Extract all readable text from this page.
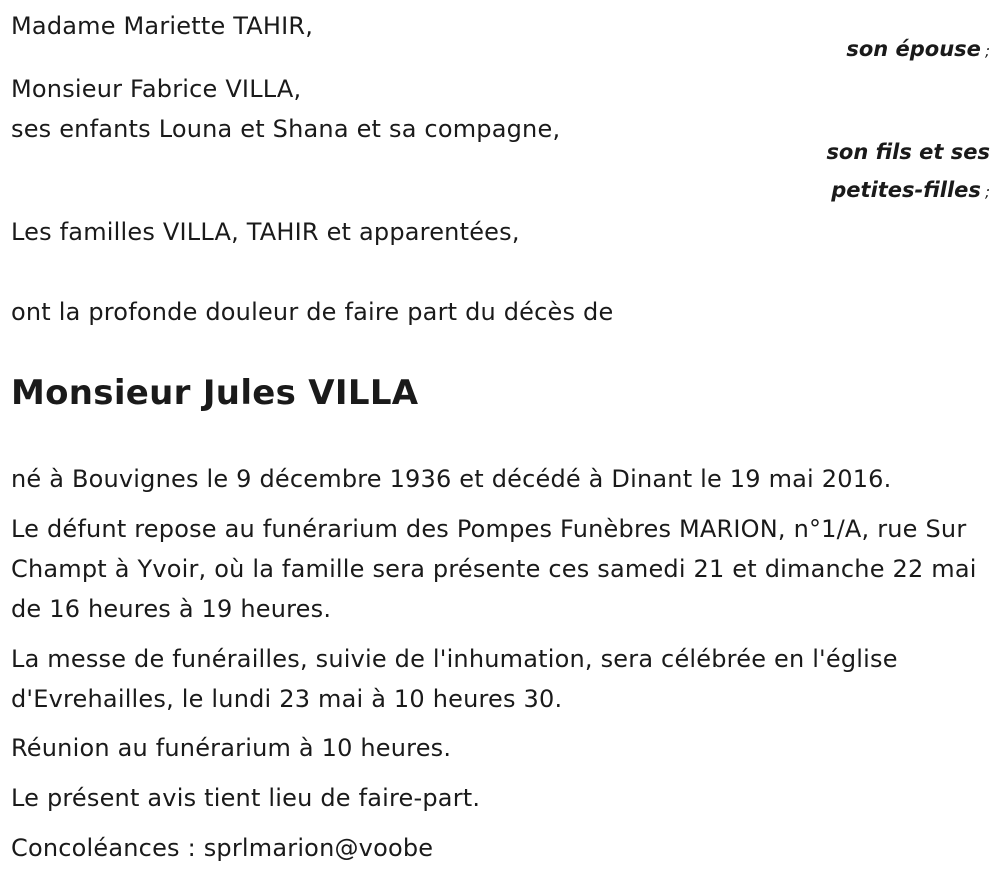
Madame Mariette TAHIR,
son épouse ;
Monsieur Fabrice VILLA,
ses enfants Louna et Shana et sa compagne,
son fils et ses
petites-filles ;
Les familles VILLA, TAHIR et apparentées,
ont la profonde douleur de faire part du décès de
Monsieur Jules VILLA
né à Bouvignes le 9 décembre 1936 et décédé à Dinant le 19 mai 2016.
Le défunt repose au funérarium des Pompes Funèbres MARION, n°1/A, rue Sur Champt à Yvoir, où la famille sera présente ces samedi 21 et dimanche 22 mai de 16 heures à 19 heures.
La messe de funérailles, suivie de l'inhumation, sera célébrée en l'église d'Evrehailles, le lundi 23 mai à 10 heures 30.
Réunion au funérarium à 10 heures.
Le présent avis tient lieu de faire-part.
Concoléances : sprlmarion@voobe
